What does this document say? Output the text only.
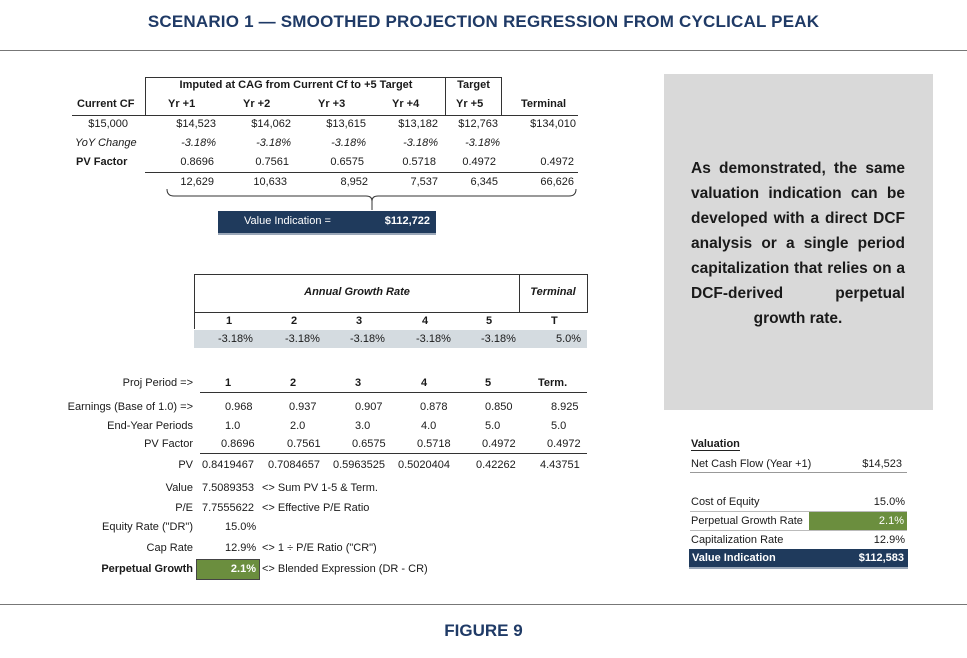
SCENARIO 1 — SMOOTHED PROJECTION REGRESSION FROM CYCLICAL PEAK
Imputed at CAG from Current Cf to +5 Target	Target
Current CF	Yr +1	Yr +2	Yr +3	Yr +4	Yr +5	Terminal
$15,000	$14,523	$14,062	$13,615	$13,182	$12,763	$134,010
YoY Change	-3.18%	-3.18%	-3.18%	-3.18%	-3.18%
PV Factor	0.8696	0.7561	0.6575	0.5718	0.4972	0.4972
12,629	10,633	8,952	7,537	6,345	66,626
Value Indication =	$112,722
Annual Growth Rate	Terminal
1	2	3	4	5	T
-3.18%	-3.18%	-3.18%	-3.18%	-3.18%	5.0%
Proj Period =>	1	2	3	4	5	Term.
Earnings (Base of 1.0) =>	0.968	0.937	0.907	0.878	0.850	8.925
End-Year Periods	1.0	2.0	3.0	4.0	5.0	5.0
PV Factor	0.8696	0.7561	0.6575	0.5718	0.4972	0.4972
PV 0.8419467 0.7084657 0.5963525 0.5020404 0.42262 4.43751
Value 7.5089353 <> Sum PV 1-5 & Term.
P/E 7.7555622 <> Effective P/E Ratio
Equity Rate ("DR")	15.0%
Cap Rate	12.9% <> 1 ÷ P/E Ratio ("CR")
Perpetual Growth	2.1% <> Blended Expression (DR - CR)
As demonstrated, the same valuation indication can be developed with a direct DCF analysis or a single period capitalization that relies on a DCF-derived perpetual growth rate.
Valuation
Net Cash Flow (Year +1)	$14,523
Cost of Equity	15.0%
Perpetual Growth Rate	2.1%
Capitalization Rate	12.9%
Value Indication	$112,583
FIGURE 9
